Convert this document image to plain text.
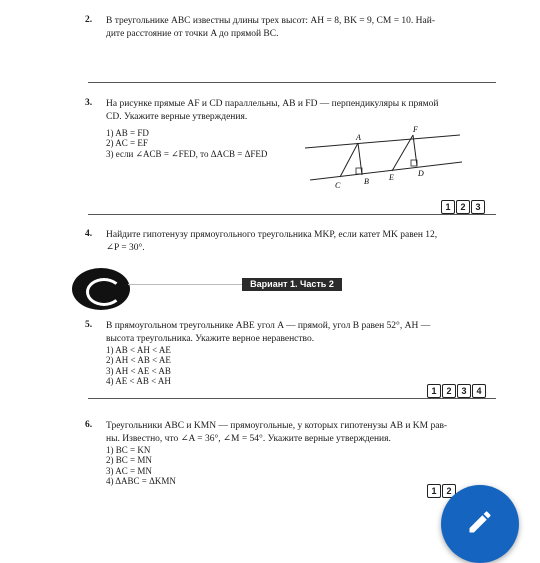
2. В треугольнике ABC известны длины трех высот: AH = 8, BK = 9, CM = 10. Най-
дите расстояние от точки A до прямой BC.
3. На рисунке прямые AF и CD параллельны, AB и FD — перпендикуляры к прямой
CD. Укажите верные утверждения.
1) AB = FD
2) AC = EF
3) если ∠ACB = ∠FED, то ΔACB = ΔFED
A
F
C	B	E	D
1	2	3
4. Найдите гипотенузу прямоугольного треугольника MKP, если катет MK равен 12,
∠P = 30°.
Вариант 1. Часть 2
5. В прямоугольном треугольнике ABE угол A — прямой, угол B равен 52°, AH —
высота треугольника. Укажите верное неравенство.
1) AB < AH < AE
2) AH < AB < AE
3) AH < AE < AB
4) AE < AB < AH
1	2	3	4
6. Треугольники ABC и KMN — прямоугольные, у которых гипотенузы AB и KM рав-
ны. Известно, что ∠A = 36°, ∠M = 54°. Укажите верные утверждения.
1) BC = KN
2) BC = MN
3) AC = MN
4) ΔABC = ΔKMN
1	2
